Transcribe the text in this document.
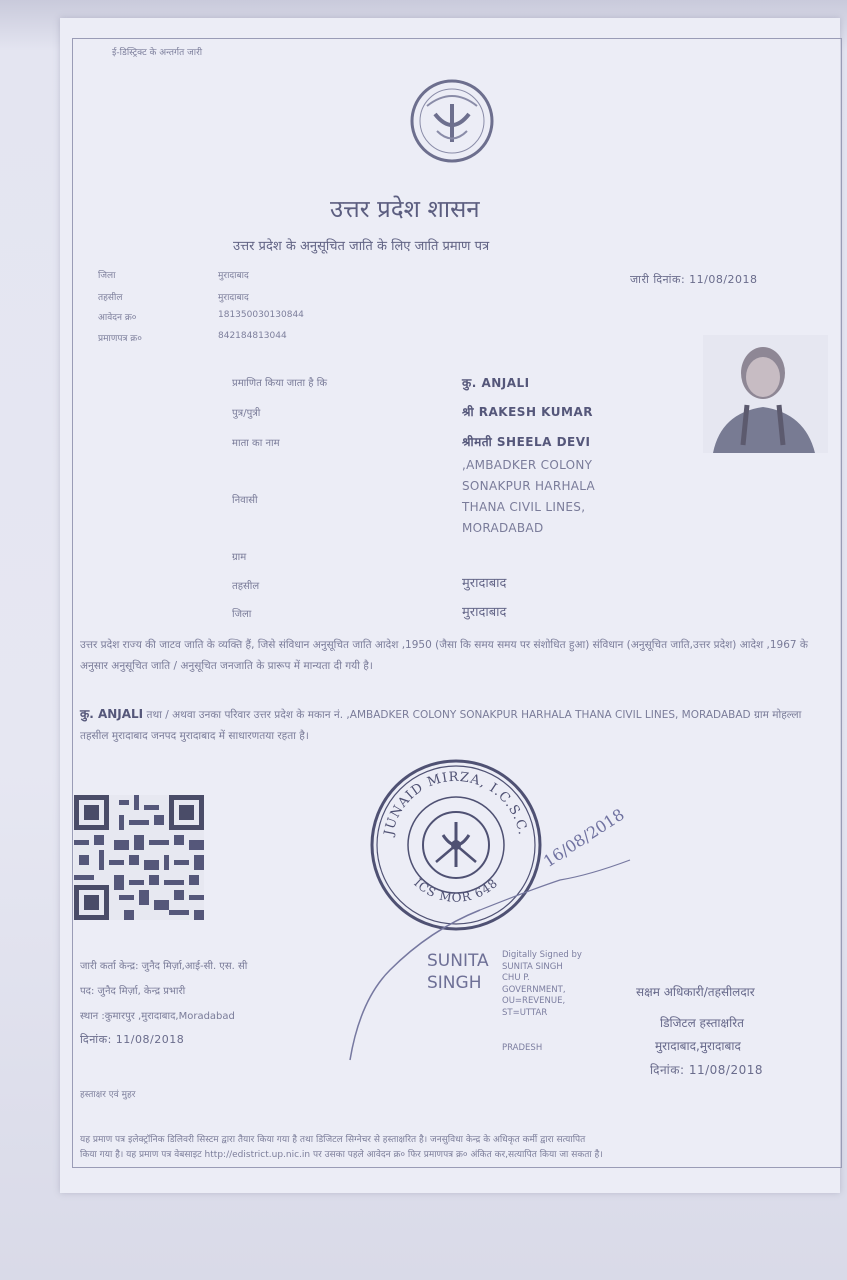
ई-डिस्ट्रिक्ट के अन्तर्गत जारी
उत्तर प्रदेश शासन
उत्तर प्रदेश के अनुसूचित जाति के लिए जाति प्रमाण पत्र
जारी दिनांक: 11/08/2018
जिला	मुरादाबाद
तहसील	मुरादाबाद
आवेदन क्र०	181350030130844
प्रमाणपत्र क्र०	842184813044
प्रमाणित किया जाता है कि	कु. ANJALI
पुत्र/पुत्री	श्री RAKESH KUMAR
माता का नाम	श्रीमती SHEELA DEVI
निवासी
,AMBADKER COLONY
SONAKPUR HARHALA
THANA CIVIL LINES,
MORADABAD
ग्राम
तहसील	मुरादाबाद
जिला	मुरादाबाद
उत्तर प्रदेश राज्य की जाटव जाति के व्यक्ति हैं, जिसे संविधान अनुसूचित जाति आदेश ,1950 (जैसा कि समय समय पर संशोधित हुआ) संविधान (अनुसूचित जाति,उत्तर प्रदेश) आदेश ,1967 के अनुसार अनुसूचित जाति / अनुसूचित जनजाति के प्रारूप में मान्यता दी गयी है।
कु. ANJALI तथा / अथवा उनका परिवार उत्तर प्रदेश के मकान नं. ,AMBADKER COLONY SONAKPUR HARHALA THANA CIVIL LINES, MORADABAD ग्राम मोहल्ला तहसील मुरादाबाद जनपद मुरादाबाद में साधारणतया रहता है।
JUNAID MIRZA, I.C.S.C.
ICS MOR 648
16/08/2018
जारी कर्ता केन्द्र: जुनैद मिर्ज़ा,आई-सी. एस. सी
पद: जुनैद मिर्ज़ा, केन्द्र प्रभारी
स्थान :कुमारपुर ,मुरादाबाद,Moradabad
दिनांक: 11/08/2018
SUNITA
SINGH
Digitally Signed by
SUNITA SINGH
CHU P.
GOVERNMENT,
OU=REVENUE,
ST=UTTAR
PRADESH
सक्षम अधिकारी/तहसीलदार
डिजिटल हस्ताक्षरित
मुरादाबाद,मुरादाबाद
दिनांक: 11/08/2018
हस्ताक्षर एवं मुहर
यह प्रमाण पत्र इलेक्ट्रॉनिक डिलिवरी सिस्टम द्वारा तैयार किया गया है तथा डिजिटल सिग्नेचर से हस्ताक्षरित है। जनसुविधा केन्द्र के अधिकृत कर्मी द्वारा सत्यापित
किया गया है। यह प्रमाण पत्र वेबसाइट http://edistrict.up.nic.in पर उसका पहले आवेदन क्र० फिर प्रमाणपत्र क्र० अंकित कर,सत्यापित किया जा सकता है।
